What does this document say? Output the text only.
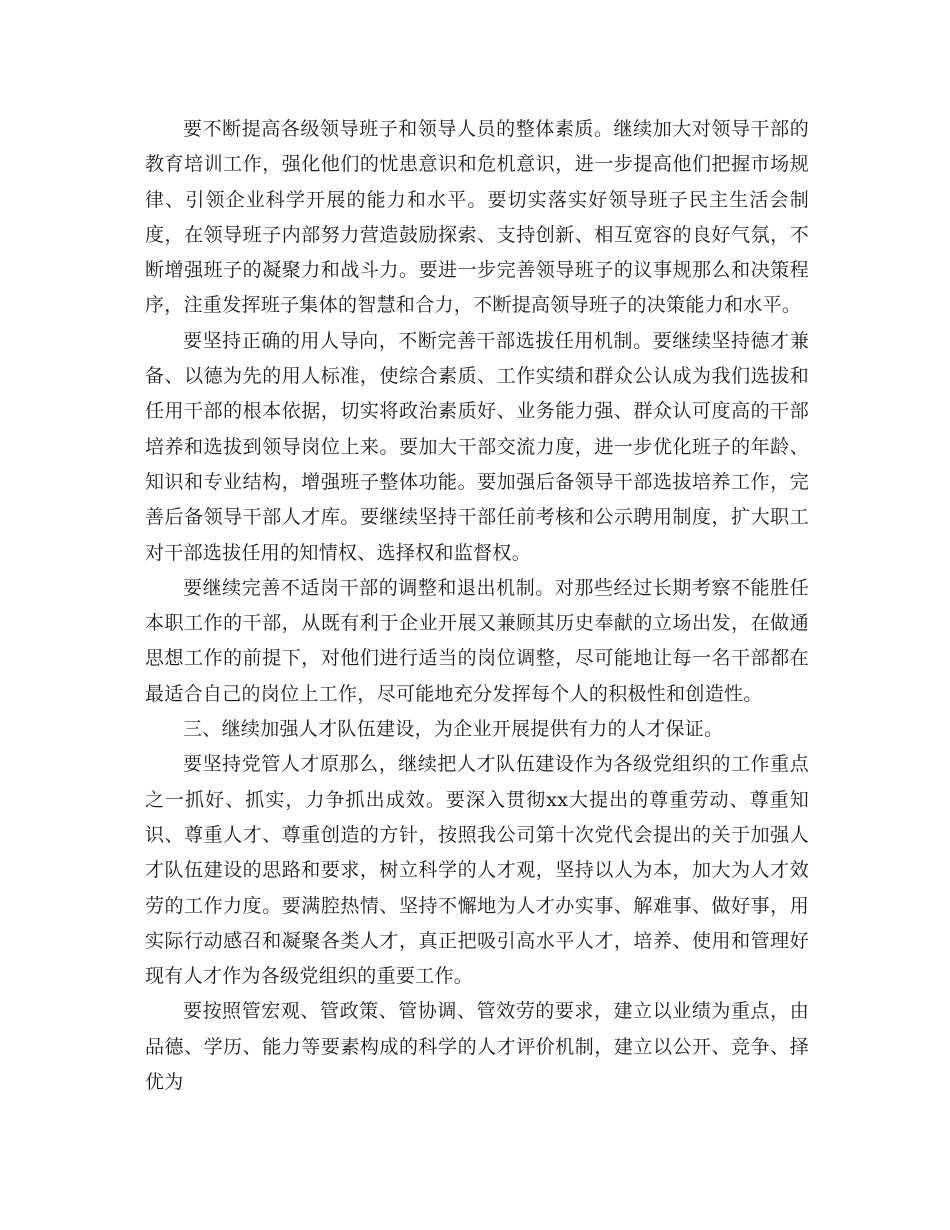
要不断提高各级领导班子和领导人员的整体素质。继续加大对领导干部的教育培训工作，强化他们的忧患意识和危机意识，进一步提高他们把握市场规律、引领企业科学开展的能力和水平。要切实落实好领导班子民主生活会制度，在领导班子内部努力营造鼓励探索、支持创新、相互宽容的良好气氛，不断增强班子的凝聚力和战斗力。要进一步完善领导班子的议事规那么和决策程序，注重发挥班子集体的智慧和合力，不断提高领导班子的决策能力和水平。

要坚持正确的用人导向，不断完善干部选拔任用机制。要继续坚持德才兼备、以德为先的用人标准，使综合素质、工作实绩和群众公认成为我们选拔和任用干部的根本依据，切实将政治素质好、业务能力强、群众认可度高的干部培养和选拔到领导岗位上来。要加大干部交流力度，进一步优化班子的年龄、知识和专业结构，增强班子整体功能。要加强后备领导干部选拔培养工作，完善后备领导干部人才库。要继续坚持干部任前考核和公示聘用制度，扩大职工对干部选拔任用的知情权、选择权和监督权。

要继续完善不适岗干部的调整和退出机制。对那些经过长期考察不能胜任本职工作的干部，从既有利于企业开展又兼顾其历史奉献的立场出发，在做通思想工作的前提下，对他们进行适当的岗位调整，尽可能地让每一名干部都在最适合自己的岗位上工作，尽可能地充分发挥每个人的积极性和创造性。

三、继续加强人才队伍建设，为企业开展提供有力的人才保证。

要坚持党管人才原那么，继续把人才队伍建设作为各级党组织的工作重点之一抓好、抓实，力争抓出成效。要深入贯彻xx大提出的尊重劳动、尊重知识、尊重人才、尊重创造的方针，按照我公司第十次党代会提出的关于加强人才队伍建设的思路和要求，树立科学的人才观，坚持以人为本，加大为人才效劳的工作力度。要满腔热情、坚持不懈地为人才办实事、解难事、做好事，用实际行动感召和凝聚各类人才，真正把吸引高水平人才，培养、使用和管理好现有人才作为各级党组织的重要工作。

要按照管宏观、管政策、管协调、管效劳的要求，建立以业绩为重点，由品德、学历、能力等要素构成的科学的人才评价机制，建立以公开、竞争、择优为
